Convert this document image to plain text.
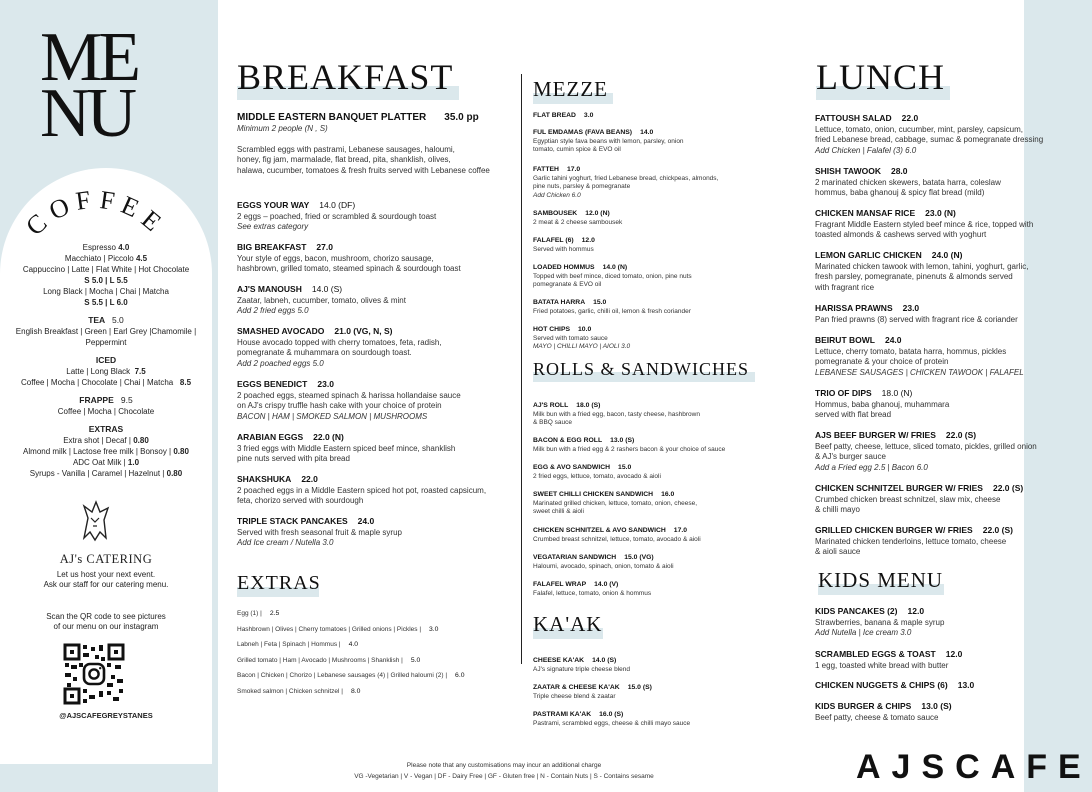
ME
NU
C
O F F E
E
Espresso 4.0
Macchiato | Piccolo 4.5
Cappuccino | Latte | Flat White | Hot Chocolate
S 5.0 | L 5.5
Long Black | Mocha | Chai | Matcha
S 5.5 | L 6.0
TEA 5.0
English Breakfast | Green | Earl Grey |Chamomile |
Peppermint
ICED
Latte | Long Black 7.5
Coffee | Mocha | Chocolate | Chai | Matcha 8.5
FRAPPE 9.5
Coffee | Mocha | Chocolate
EXTRAS
Extra shot | Decaf | 0.80
Almond milk | Lactose free milk | Bonsoy | 0.80
ADC Oat Milk | 1.0
Syrups - Vanilla | Caramel | Hazelnut | 0.80
AJ's CATERING
Let us host your next event.
Ask our staff for our catering menu.
Scan the QR code to see pictures
of our menu on our instagram
@AJSCAFEGREYSTANES
BREAKFAST
MIDDLE EASTERN BANQUET PLATTER 35.0 pp
Minimum 2 people (N , S)

Scrambled eggs with pastrami, Lebanese sausages, haloumi,
honey, fig jam, marmalade, flat bread, pita, shanklish, olives,
halawa, cucumber, tomatoes & fresh fruits served with Lebanese coffee
EGGS YOUR WAY 14.0 (DF)
2 eggs – poached, fried or scrambled & sourdough toast
See extras category
BIG BREAKFAST 27.0
Your style of eggs, bacon, mushroom, chorizo sausage,
hashbrown, grilled tomato, steamed spinach & sourdough toast
AJ'S MANOUSH 14.0 (S)
Zaatar, labneh, cucumber, tomato, olives & mint
Add 2 fried eggs 5.0
SMASHED AVOCADO 21.0 (VG, N, S)
House avocado topped with cherry tomatoes, feta, radish,
pomegranate & muhammara on sourdough toast.
Add 2 poached eggs 5.0
EGGS BENEDICT 23.0
2 poached eggs, steamed spinach & harissa hollandaise sauce
on AJ's crispy truffle hash cake with your choice of protein
BACON | HAM | SMOKED SALMON | MUSHROOMS
ARABIAN EGGS 22.0 (N)
3 fried eggs with Middle Eastern spiced beef mince, shanklish
pine nuts served with pita bread
SHAKSHUKA 22.0
2 poached eggs in a Middle Eastern spiced hot pot, roasted capsicum,
feta, chorizo served with sourdough
TRIPLE STACK PANCAKES 24.0
Served with fresh seasonal fruit & maple syrup
Add Ice cream / Nutella 3.0
EXTRAS
Egg (1) | 2.5
Hashbrown | Olives | Cherry tomatoes | Grilled onions | Pickles | 3.0
Labneh | Feta | Spinach | Hommus | 4.0
Grilled tomato | Ham | Avocado | Mushrooms | Shanklish | 5.0
Bacon | Chicken | Chorizo | Lebanese sausages (4) | Grilled haloumi (2) | 6.0
Smoked salmon | Chicken schnitzel | 8.0
MEZZE
FLAT BREAD 3.0
FUL EMDAMAS (FAVA BEANS) 14.0
Egyptian style fava beans with lemon, parsley, onion
tomato, cumin spice & EVO oil
FATTEH 17.0
Garlic tahini yoghurt, fried Lebanese bread, chickpeas, almonds,
pine nuts, parsley & pomegranate
Add Chicken 6.0
SAMBOUSEK 12.0 (N)
2 meat & 2 cheese sambousek
FALAFEL (6) 12.0
Served with hommus
LOADED HOMMUS 14.0 (N)
Topped with beef mince, diced tomato, onion, pine nuts
pomegranate & EVO oil
BATATA HARRA 15.0
Fried potatoes, garlic, chilli oil, lemon & fresh coriander
HOT CHIPS 10.0
Served with tomato sauce
MAYO | CHILLI MAYO | AIOLI 3.0
ROLLS & SANDWICHES
AJ'S ROLL 18.0 (S)
Milk bun with a fried egg, bacon, tasty cheese, hashbrown
& BBQ sauce
BACON & EGG ROLL 13.0 (S)
Milk bun with a fried egg & 2 rashers bacon & your choice of sauce
EGG & AVO SANDWICH 15.0
2 fried eggs, lettuce, tomato, avocado & aioli
SWEET CHILLI CHICKEN SANDWICH 16.0
Marinated grilled chicken, lettuce, tomato, onion, cheese,
sweet chilli & aioli
CHICKEN SCHNITZEL & AVO SANDWICH 17.0
Crumbed breast schnitzel, lettuce, tomato, avocado & aioli
VEGATARIAN SANDWICH 15.0 (VG)
Haloumi, avocado, spinach, onion, tomato & aioli
FALAFEL WRAP 14.0 (V)
Falafel, lettuce, tomato, onion & hommus
KA'AK
CHEESE KA'AK 14.0 (S)
AJ's signature triple cheese blend
ZAATAR & CHEESE KA'AK 15.0 (S)
Triple cheese blend & zaatar
PASTRAMI KA'AK 16.0 (S)
Pastrami, scrambled eggs, cheese & chilli mayo sauce
LUNCH
FATTOUSH SALAD 22.0
Lettuce, tomato, onion, cucumber, mint, parsley, capsicum,
fried Lebanese bread, cabbage, sumac & pomegranate dressing
Add Chicken | Falafel (3) 6.0
SHISH TAWOOK 28.0
2 marinated chicken skewers, batata harra, coleslaw
hommus, baba ghanouj & spicy flat bread (mild)
CHICKEN MANSAF RICE 23.0 (N)
Fragrant Middle Eastern styled beef mince & rice, topped with
toasted almonds & cashews served with yoghurt
LEMON GARLIC CHICKEN 24.0 (N)
Marinated chicken tawook with lemon, tahini, yoghurt, garlic,
fresh parsley, pomegranate, pinenuts & almonds served
with fragrant rice
HARISSA PRAWNS 23.0
Pan fried prawns (8) served with fragrant rice & coriander
BEIRUT BOWL 24.0
Lettuce, cherry tomato, batata harra, hommus, pickles
pomegranate & your choice of protein
LEBANESE SAUSAGES | CHICKEN TAWOOK | FALAFEL
TRIO OF DIPS 18.0 (N)
Hommus, baba ghanouj, muhammara
served with flat bread
AJS BEEF BURGER W/ FRIES 22.0 (S)
Beef patty, cheese, lettuce, sliced tomato, pickles, grilled onion
& AJ's burger sauce
Add a Fried egg 2.5 | Bacon 6.0
CHICKEN SCHNITZEL BURGER W/ FRIES 22.0 (S)
Crumbed chicken breast schnitzel, slaw mix, cheese
& chilli mayo
GRILLED CHICKEN BURGER W/ FRIES 22.0 (S)
Marinated chicken tenderloins, lettuce tomato, cheese
& aioli sauce
KIDS MENU
KIDS PANCAKES (2) 12.0
Strawberries, banana & maple syrup
Add Nutella | Ice cream 3.0
SCRAMBLED EGGS & TOAST 12.0
1 egg, toasted white bread with butter
CHICKEN NUGGETS & CHIPS (6) 13.0
KIDS BURGER & CHIPS 13.0 (S)
Beef patty, cheese & tomato sauce
Please note that any customisations may incur an additional charge
VG -Vegetarian | V - Vegan | DF - Dairy Free | GF - Gluten free | N - Contain Nuts | S - Contains sesame	AJSCAFE
